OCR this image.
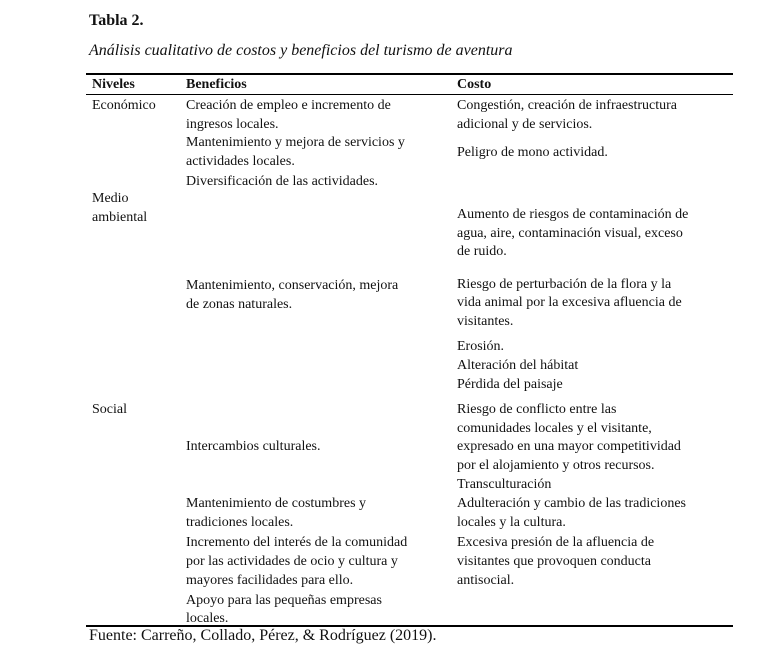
Tabla 2.
Análisis cualitativo de costos y beneficios del turismo de aventura
Niveles	Beneficios	Costo
Económico
Medio
ambiental
Social
Creación de empleo e incremento de
ingresos locales.
Mantenimiento y mejora de servicios y
actividades locales.
Diversificación de las actividades.
Mantenimiento, conservación, mejora
de zonas naturales.
Intercambios culturales.
Mantenimiento de costumbres y
tradiciones locales.
Incremento del interés de la comunidad
por las actividades de ocio y cultura y
mayores facilidades para ello.
Apoyo para las pequeñas empresas
locales.
Congestión, creación de infraestructura
adicional y de servicios.
Peligro de mono actividad.
Aumento de riesgos de contaminación de
agua, aire, contaminación visual, exceso
de ruido.
Riesgo de perturbación de la flora y la
vida animal por la excesiva afluencia de
visitantes.
Erosión.
Alteración del hábitat
Pérdida del paisaje
Riesgo de conflicto entre las
comunidades locales y el visitante,
expresado en una mayor competitividad
por el alojamiento y otros recursos.
Transculturación
Adulteración y cambio de las tradiciones
locales y la cultura.
Excesiva presión de la afluencia de
visitantes que provoquen conducta
antisocial.
Fuente: Carreño, Collado, Pérez, & Rodríguez (2019).
